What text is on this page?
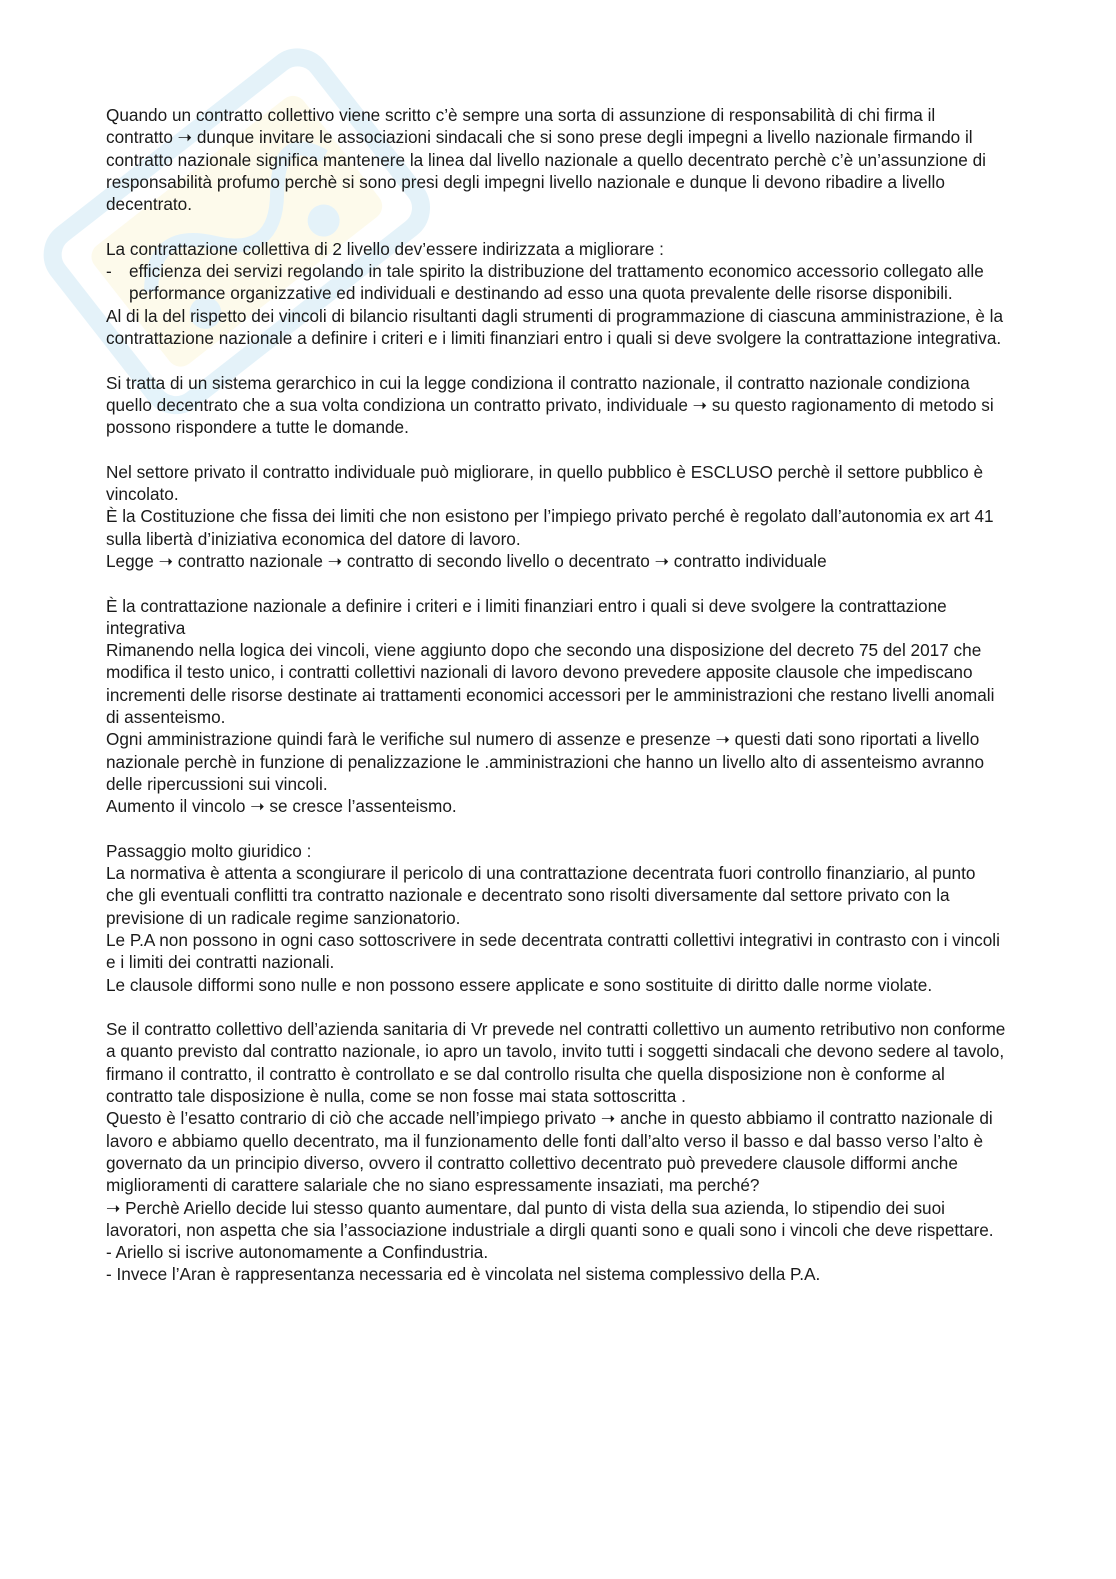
Quando un contratto collettivo viene scritto c’è sempre una sorta di assunzione di responsabilità di chi firma il contratto ➝ dunque invitare le associazioni sindacali che si sono prese degli impegni a livello nazionale firmando il contratto nazionale significa mantenere la linea dal livello nazionale a quello decentrato perchè c’è un’assunzione di responsabilità profumo perchè si sono presi degli impegni livello nazionale e dunque li devono ribadire a livello decentrato.

La contrattazione collettiva di 2 livello dev’essere indirizzata a migliorare :

- efficienza dei servizi regolando in tale spirito la distribuzione del trattamento economico accessorio collegato alle performance organizzative ed individuali e destinando ad esso una quota prevalente delle risorse disponibili.

Al di la del rispetto dei vincoli di bilancio risultanti dagli strumenti di programmazione di ciascuna amministrazione, è la contrattazione nazionale a definire i criteri e i limiti finanziari entro i quali si deve svolgere la contrattazione integrativa.

Si tratta di un sistema gerarchico in cui la legge condiziona il contratto nazionale, il contratto nazionale condiziona quello decentrato che a sua volta condiziona un contratto privato, individuale ➝ su questo ragionamento di metodo si possono rispondere a tutte le domande.

Nel settore privato il contratto individuale può migliorare, in quello pubblico è ESCLUSO perchè il settore pubblico è vincolato.

È la Costituzione che fissa dei limiti che non esistono per l’impiego privato perché è regolato dall’autonomia ex art 41 sulla libertà d’iniziativa economica del datore di lavoro.

Legge ➝ contratto nazionale ➝ contratto di secondo livello o decentrato ➝ contratto individuale

È la contrattazione nazionale a definire i criteri e i limiti finanziari entro i quali si deve svolgere la contrattazione integrativa

Rimanendo nella logica dei vincoli, viene aggiunto dopo che secondo una disposizione del decreto 75 del 2017 che modifica il testo unico, i contratti collettivi nazionali di lavoro devono prevedere apposite clausole che impediscano incrementi delle risorse destinate ai trattamenti economici accessori per le amministrazioni che restano livelli anomali di assenteismo.

Ogni amministrazione quindi farà le verifiche sul numero di assenze e presenze ➝ questi dati sono riportati a livello nazionale perchè in funzione di penalizzazione le .amministrazioni che hanno un livello alto di assenteismo avranno delle ripercussioni sui vincoli.

Aumento il vincolo ➝ se cresce l’assenteismo.

Passaggio molto giuridico :

La normativa è attenta a scongiurare il pericolo di una contrattazione decentrata fuori controllo finanziario, al punto che gli eventuali conflitti tra contratto nazionale e decentrato sono risolti diversamente dal settore privato con la previsione di un radicale regime sanzionatorio.

Le P.A non possono in ogni caso sottoscrivere in sede decentrata contratti collettivi integrativi in contrasto con i vincoli e i limiti dei contratti nazionali.

Le clausole difformi sono nulle e non possono essere applicate e sono sostituite di diritto dalle norme violate.

Se il contratto collettivo dell’azienda sanitaria di Vr prevede nel contratti collettivo un aumento retributivo non conforme a quanto previsto dal contratto nazionale, io apro un tavolo, invito tutti i soggetti sindacali che devono sedere al tavolo, firmano il contratto, il contratto è controllato e se dal controllo risulta che quella disposizione non è conforme al contratto tale disposizione è nulla, come se non fosse mai stata sottoscritta .

Questo è l’esatto contrario di ciò che accade nell’impiego privato ➝ anche in questo abbiamo il contratto nazionale di lavoro e abbiamo quello decentrato, ma il funzionamento delle fonti dall’alto verso il basso e dal basso verso l’alto è governato da un principio diverso, ovvero il contratto collettivo decentrato può prevedere clausole difformi anche miglioramenti di carattere salariale che no siano espressamente insaziati, ma perché?

➝ Perchè Ariello decide lui stesso quanto aumentare, dal punto di vista della sua azienda, lo stipendio dei suoi lavoratori, non aspetta che sia l’associazione industriale a dirgli quanti sono e quali sono i vincoli che deve rispettare.

- Ariello si iscrive autonomamente a Confindustria.

- Invece l’Aran è rappresentanza necessaria ed è vincolata nel sistema complessivo della P.A.
